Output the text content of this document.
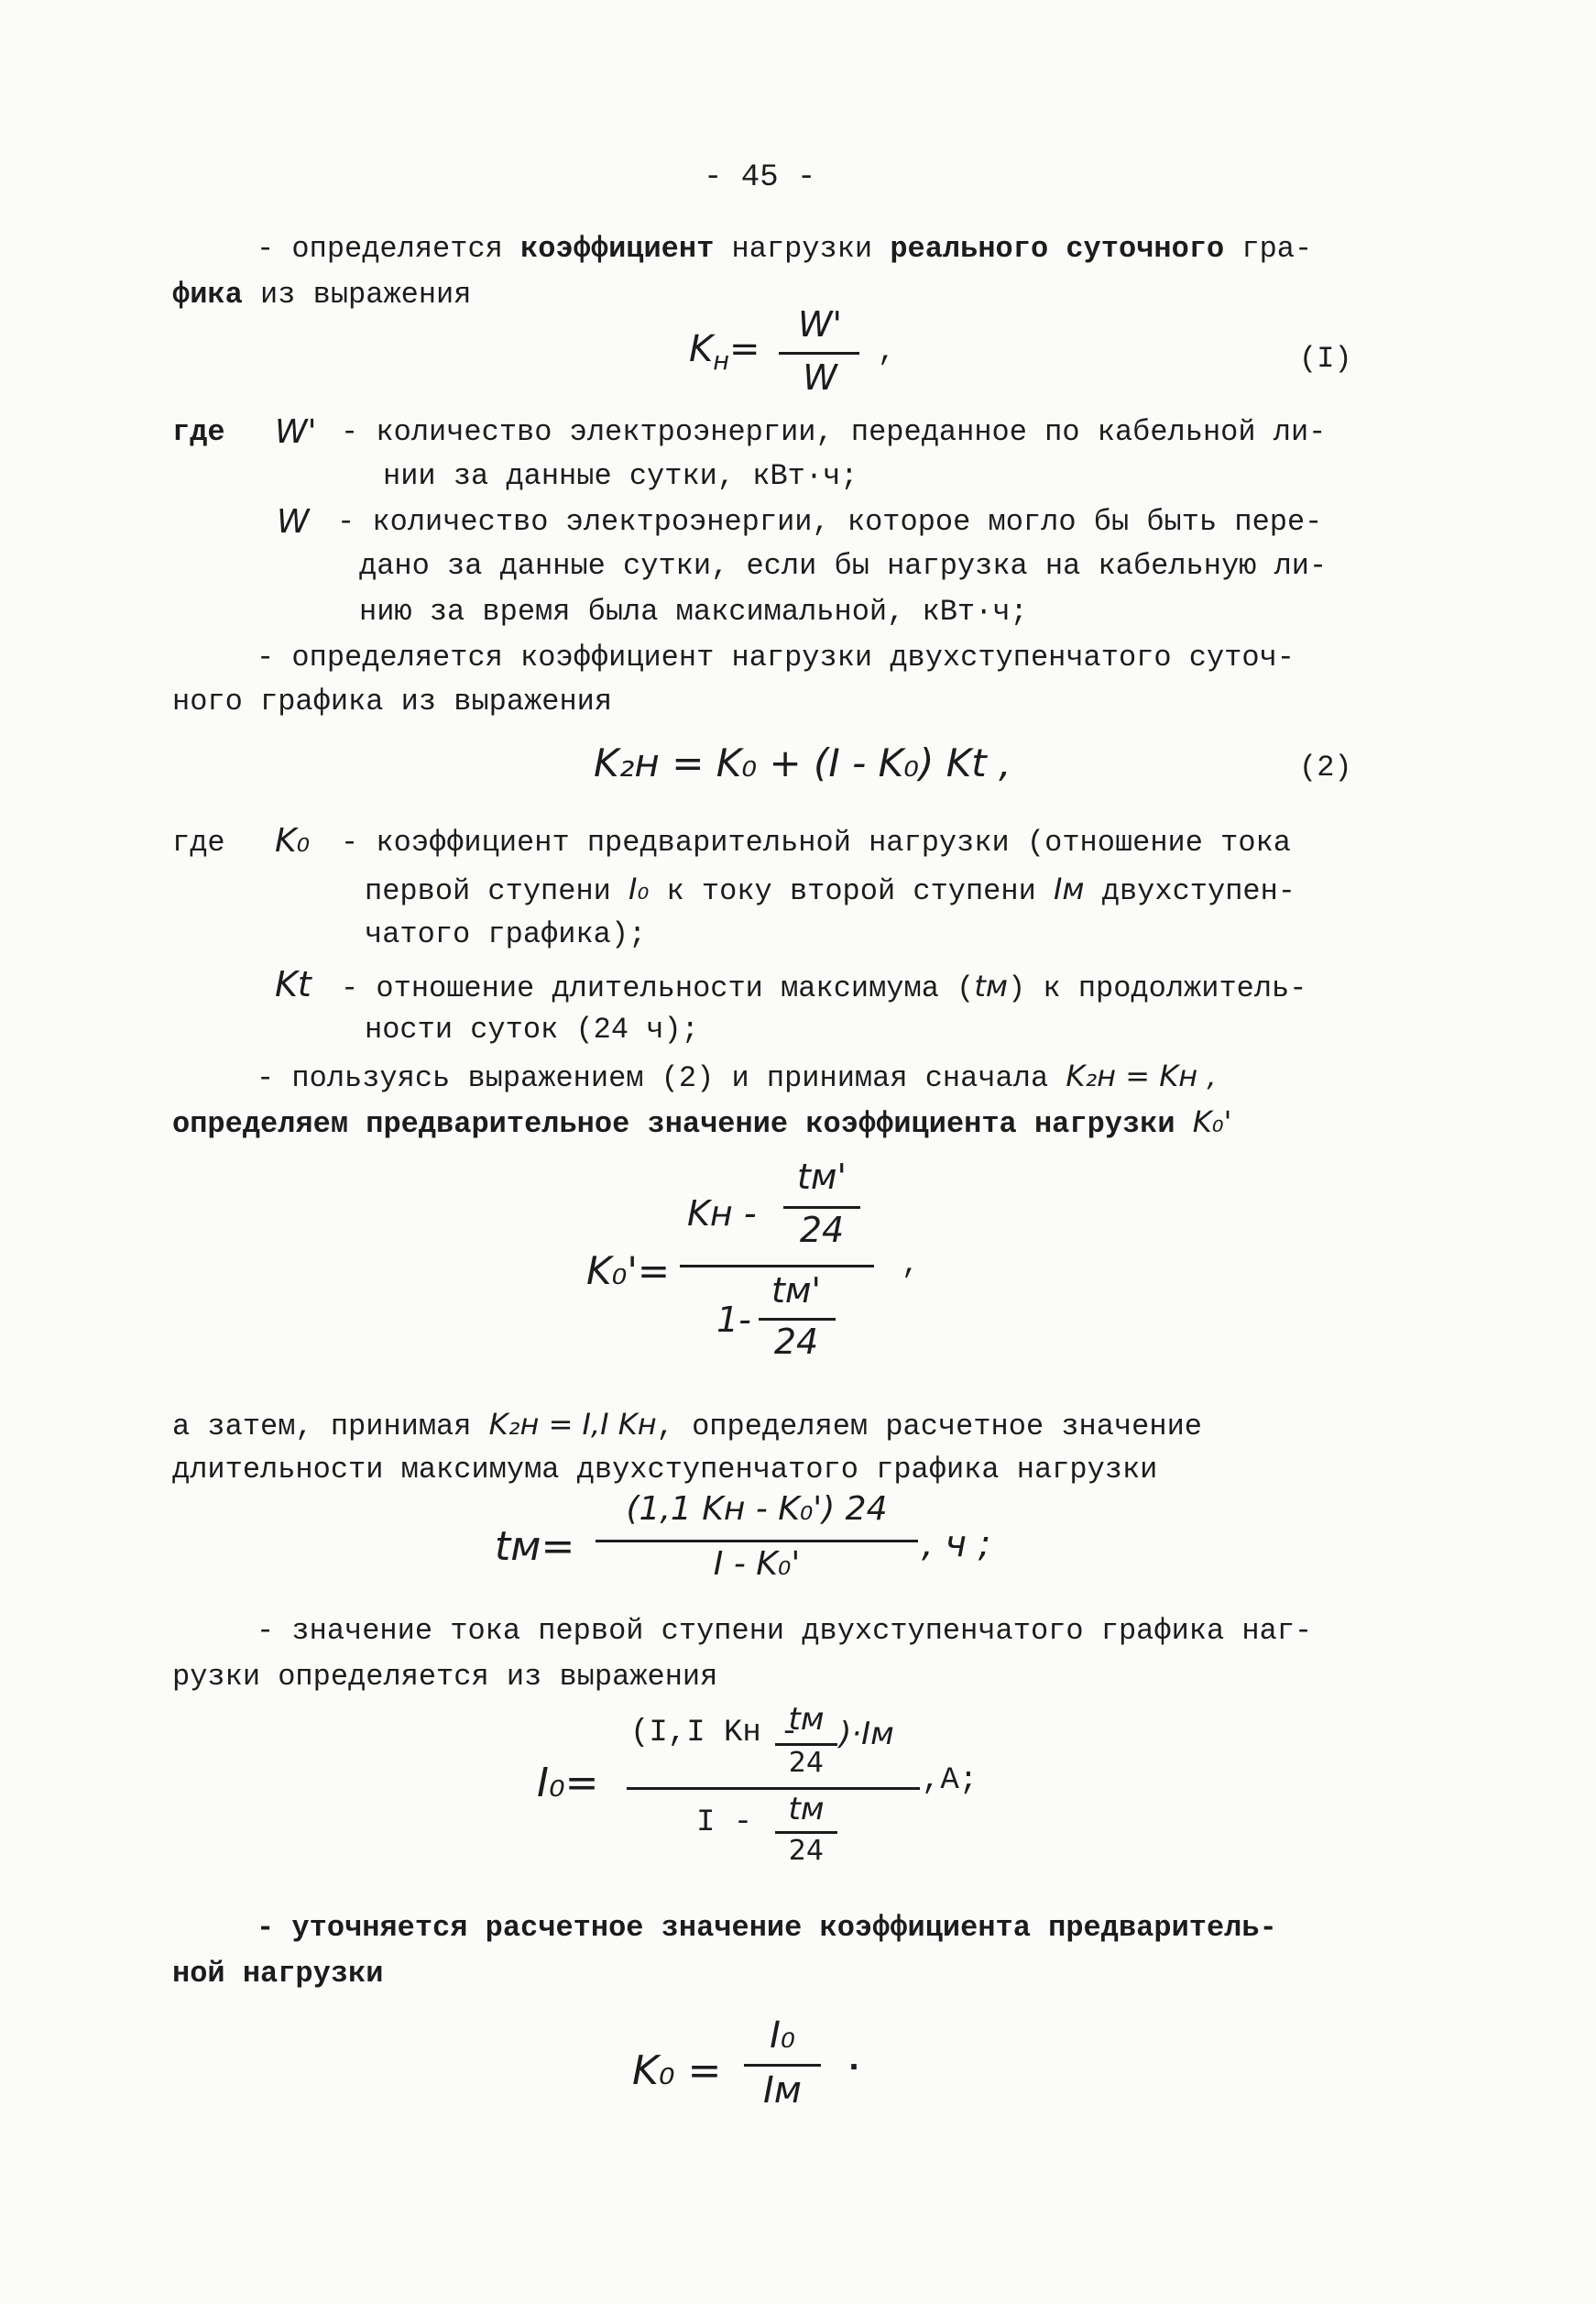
- 45 -
- определяется коэффициент нагрузки реального суточного гра-
фика из выражения
$K_н=$
W'
W
,	(I)
где W' - количество электроэнергии, переданное по кабельной ли-
нии за данные сутки, кВт·ч;
W - количество электроэнергии, которое могло бы быть пере-
дано за данные сутки, если бы нагрузка на кабельную ли-
нию за время была максимальной, кВт·ч;
- определяется коэффициент нагрузки двухступенчатого суточ-
ного графика из выражения
K₂н = K₀ + (I - K₀) Kt ,	(2)
где K₀ - коэффициент предварительной нагрузки (отношение тока
первой ступени I₀ к току второй ступени Iм двухступен-
чатого графика);
Kt - отношение длительности максимума (tм) к продолжитель-
ности суток (24 ч);
- пользуясь выражением (2) и принимая сначала K₂н = Kн ,
определяем предварительное значение коэффициента нагрузки K₀'
K₀'=
Kн -
tм'
24
1-
tм'
24
,
а затем, принимая K₂н = I,I Kн, определяем расчетное значение
длительности максимума двухступенчатого графика нагрузки
tм=
(1,1 Kн - K₀') 24
I - K₀'	, ч ;
- значение тока первой ступени двухступенчатого графика наг-
рузки определяется из выражения
I₀=
(I,I Kн -
tм
24
)·Iм
I -	tм
24
,A;
- уточняется расчетное значение коэффициента предваритель-
ной нагрузки
K₀ =
I₀
Iм
.
